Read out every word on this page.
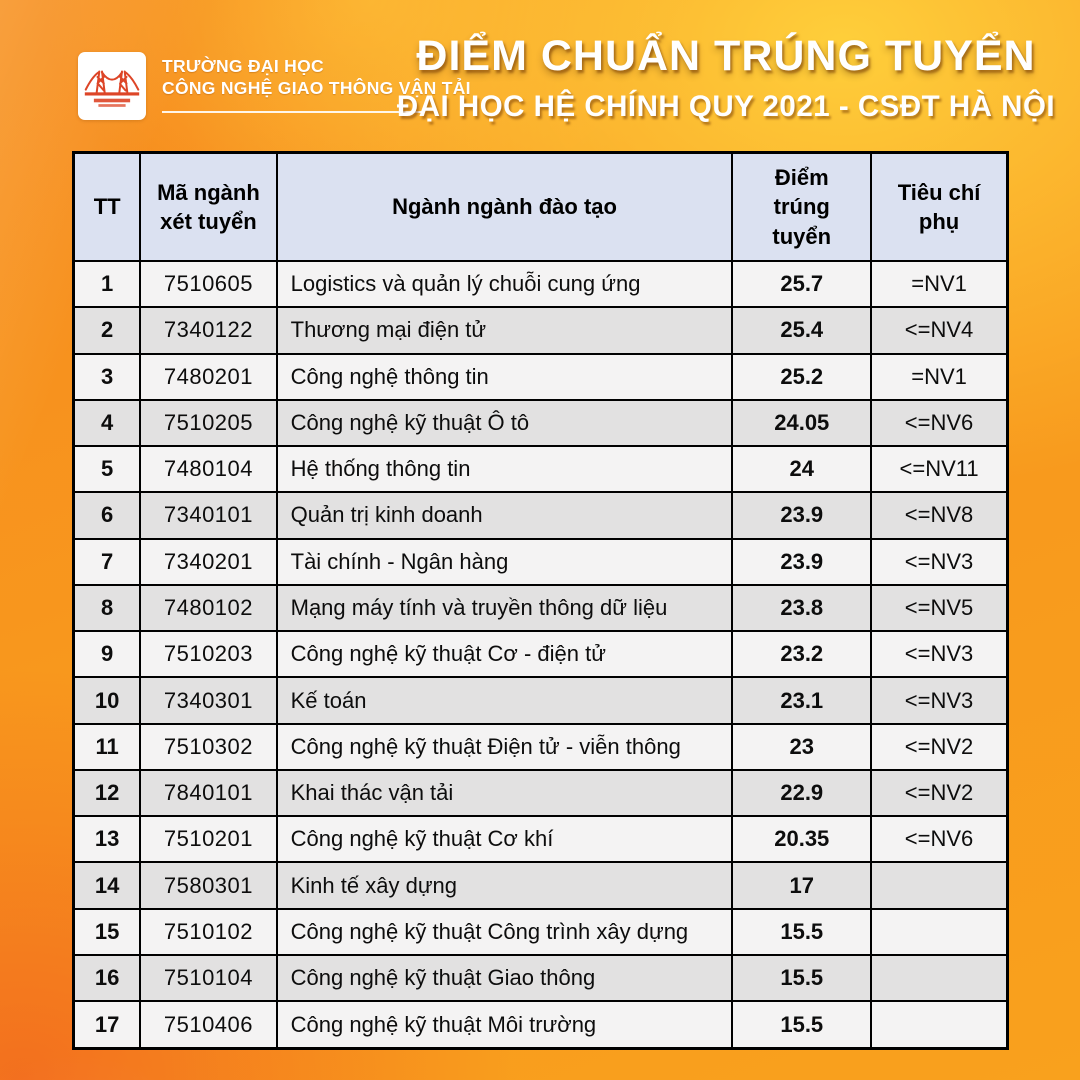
TRƯỜNG ĐẠI HỌC
CÔNG NGHỆ GIAO THÔNG VẬN TẢI
ĐIỂM CHUẨN TRÚNG TUYỂN
ĐẠI HỌC HỆ CHÍNH QUY 2021 - CSĐT HÀ NỘI
TT	Mã ngành xét tuyển	Ngành ngành đào tạo	Điểm trúng tuyển	Tiêu chí phụ
1	7510605	Logistics và quản lý chuỗi cung ứng	25.7	=NV1
2	7340122	Thương mại điện tử	25.4	<=NV4
3	7480201	Công nghệ thông tin	25.2	=NV1
4	7510205	Công nghệ kỹ thuật Ô tô	24.05	<=NV6
5	7480104	Hệ thống thông tin	24	<=NV11
6	7340101	Quản trị kinh doanh	23.9	<=NV8
7	7340201	Tài chính - Ngân hàng	23.9	<=NV3
8	7480102	Mạng máy tính và truyền thông dữ liệu	23.8	<=NV5
9	7510203	Công nghệ kỹ thuật Cơ - điện tử	23.2	<=NV3
10	7340301	Kế toán	23.1	<=NV3
11	7510302	Công nghệ kỹ thuật Điện tử - viễn thông	23	<=NV2
12	7840101	Khai thác vận tải	22.9	<=NV2
13	7510201	Công nghệ kỹ thuật Cơ khí	20.35	<=NV6
14	7580301	Kinh tế xây dựng	17	
15	7510102	Công nghệ kỹ thuật Công trình xây dựng	15.5	
16	7510104	Công nghệ kỹ thuật Giao thông	15.5	
17	7510406	Công nghệ kỹ thuật Môi trường	15.5	
